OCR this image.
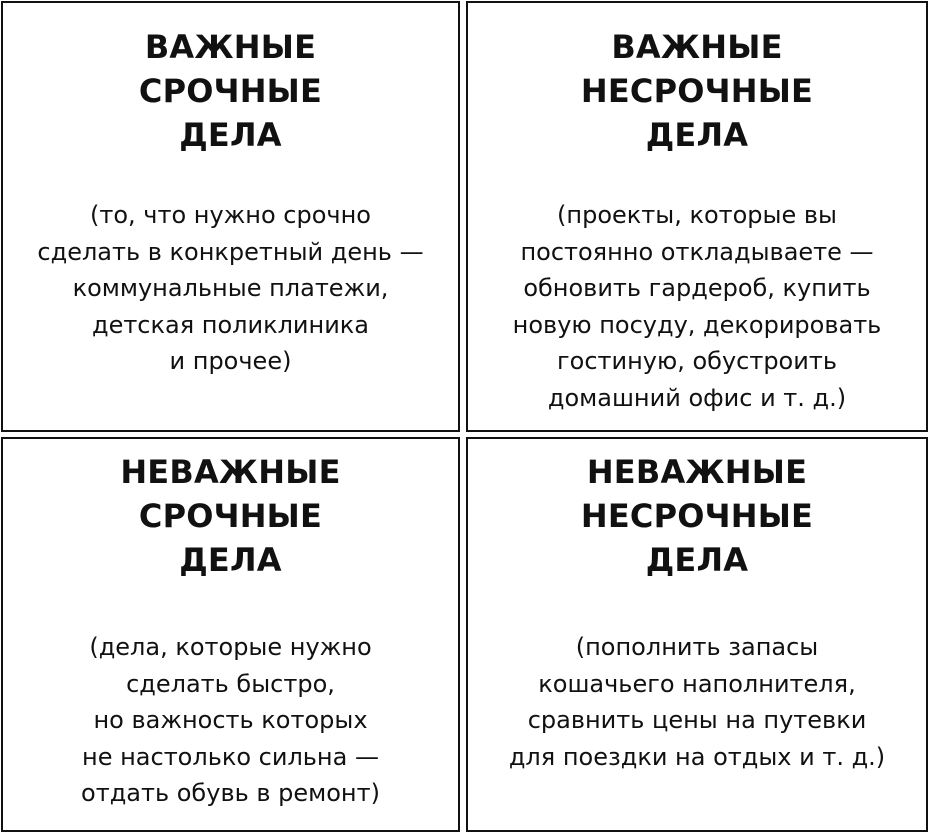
ВАЖНЫЕ
СРОЧНЫЕ
ДЕЛА
(то, что нужно срочно
сделать в конкретный день —
коммунальные платежи,
детская поликлиника
и прочее)
ВАЖНЫЕ
НЕСРОЧНЫЕ
ДЕЛА
(проекты, которые вы
постоянно откладываете —
обновить гардероб, купить
новую посуду, декорировать
гостиную, обустроить
домашний офис и т. д.)
НЕВАЖНЫЕ
СРОЧНЫЕ
ДЕЛА
(дела, которые нужно
сделать быстро,
но важность которых
не настолько сильна —
отдать обувь в ремонт)
НЕВАЖНЫЕ
НЕСРОЧНЫЕ
ДЕЛА
(пополнить запасы
кошачьего наполнителя,
сравнить цены на путевки
для поездки на отдых и т. д.)
